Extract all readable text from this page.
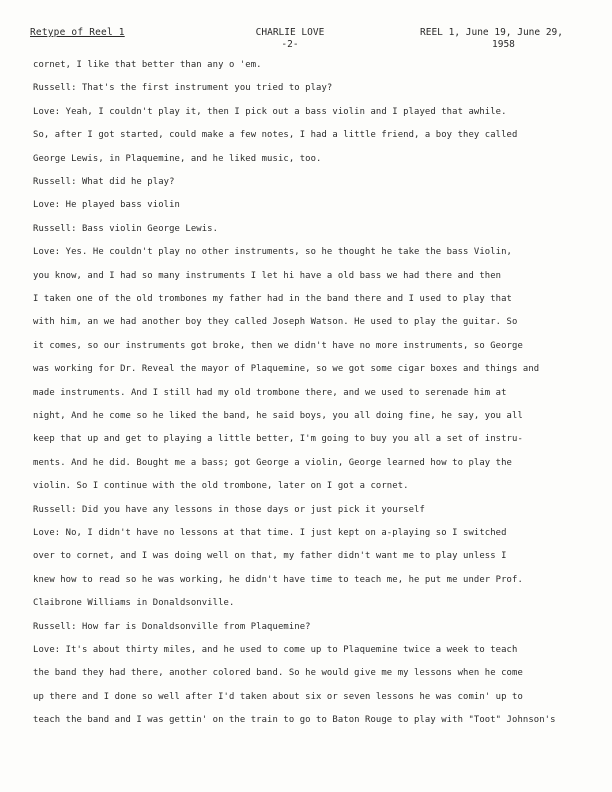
Retype of Reel 1	CHARLIE LOVE
-2-
REEL 1, June 19, June 29,
1958
cornet, I like that better than any o 'em.
Russell: That's the first instrument you tried to play?
Love: Yeah, I couldn't play it, then I pick out a bass violin and I played that awhile.
So, after I got started, could make a few notes, I had a little friend, a boy they called
George Lewis, in Plaquemine, and he liked music, too.
Russell: What did he play?
Love: He played bass violin
Russell: Bass violin George Lewis.
Love: Yes. He couldn't play no other instruments, so he thought he take the bass Violin,
you know, and I had so many instruments I let hi have a old bass we had there and then
I taken one of the old trombones my father had in the band there and I used to play that
with him, an we had another boy they called Joseph Watson. He used to play the guitar. So
it comes, so our instruments got broke, then we didn't have no more instruments, so George
was working for Dr. Reveal the mayor of Plaquemine, so we got some cigar boxes and things and
made instruments. And I still had my old trombone there, and we used to serenade him at
night, And he come so he liked the band, he said boys, you all doing fine, he say, you all
keep that up and get to playing a little better, I'm going to buy you all a set of instru-
ments. And he did. Bought me a bass; got George a violin, George learned how to play the
violin. So I continue with the old trombone, later on I got a cornet.
Russell: Did you have any lessons in those days or just pick it yourself
Love: No, I didn't have no lessons at that time. I just kept on a-playing so I switched
over to cornet, and I was doing well on that, my father didn't want me to play unless I
knew how to read so he was working, he didn't have time to teach me, he put me under Prof.
Claibrone Williams in Donaldsonville.
Russell: How far is Donaldsonville from Plaquemine?
Love: It's about thirty miles, and he used to come up to Plaquemine twice a week to teach
the band they had there, another colored band. So he would give me my lessons when he come
up there and I done so well after I'd taken about six or seven lessons he was comin' up to
teach the band and I was gettin' on the train to go to Baton Rouge to play with "Toot" Johnson's
